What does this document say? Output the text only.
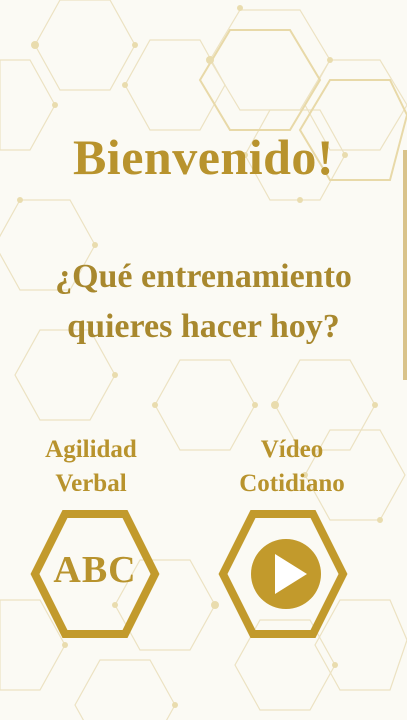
Bienvenido!
¿Qué entrenamiento
quieres hacer hoy?
Agilidad
Verbal
ABC
Vídeo
Cotidiano
